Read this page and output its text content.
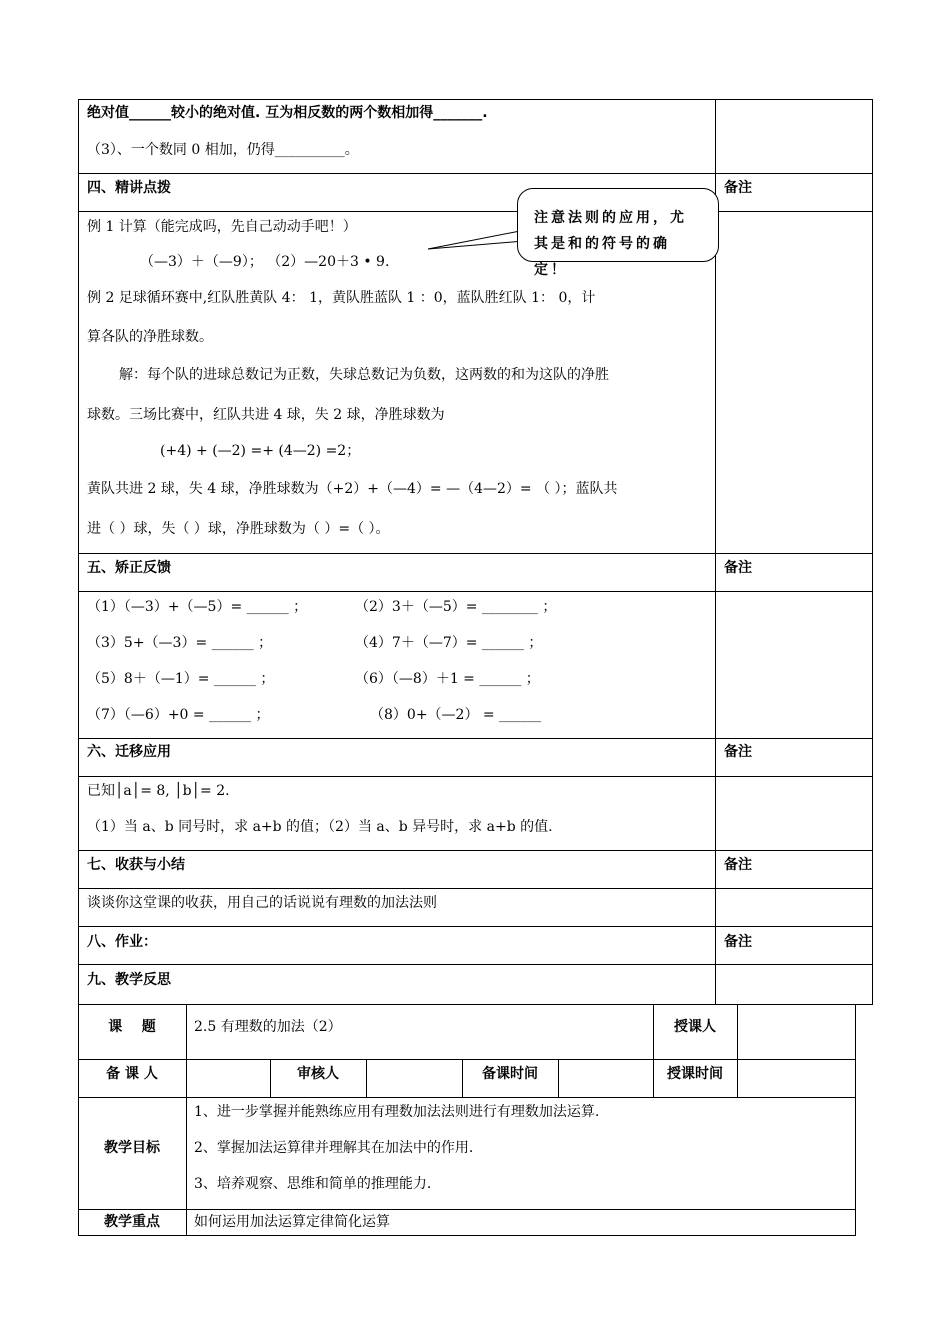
绝对值______较小的绝对值. 互为相反数的两个数相加得_______.
（3）、一个数同 0 相加，仍得__________。
四、精讲点拨	备注
例 1 计算（能完成吗，先自己动动手吧！）
（—3）＋（—9）； （2）—20＋3 • 9.
例 2 足球循环赛中,红队胜黄队 4： 1，黄队胜蓝队 1 ：0，蓝队胜红队 1： 0，计
算各队的净胜球数。
解：每个队的进球总数记为正数，失球总数记为负数，这两数的和为这队的净胜
球数。三场比赛中，红队共进 4 球，失 2 球，净胜球数为
(+4) + (—2) =+ (4—2) =2；
黄队共进 2 球，失 4 球，净胜球数为（+2）+（—4）= —（4—2）= （ ）；蓝队共
进（ ）球，失（ ）球，净胜球数为（ ）=（ ）。
注意法则的应用，尤其是和的符号的确定！
五、矫正反馈	备注
（1）（—3）+（—5）= ______ ；	（2）3＋（—5）= ________ ；
（3）5+（—3）= ______ ；	（4）7＋（—7）= ______ ；
（5）8＋（—1）= ______ ；	（6）（—8）＋1 = ______ ；
（7）（—6）+0 = ______ ；	（8）0+（—2） = ______
六、迁移应用	备注
已知│a│= 8, │b│= 2.
（1）当 a、b 同号时，求 a+b 的值；（2）当 a、b 异号时，求 a+b 的值.
七、收获与小结	备注
谈谈你这堂课的收获，用自己的话说说有理数的加法法则
八、作业：	备注
九、教学反思
课    题	2.5 有理数的加法（2）	授课人
备 课 人	审核人	备课时间	授课时间
教学目标
1、进一步掌握并能熟练应用有理数加法法则进行有理数加法运算.
2、掌握加法运算律并理解其在加法中的作用.
3、培养观察、思维和简单的推理能力.
教学重点	如何运用加法运算定律简化运算
